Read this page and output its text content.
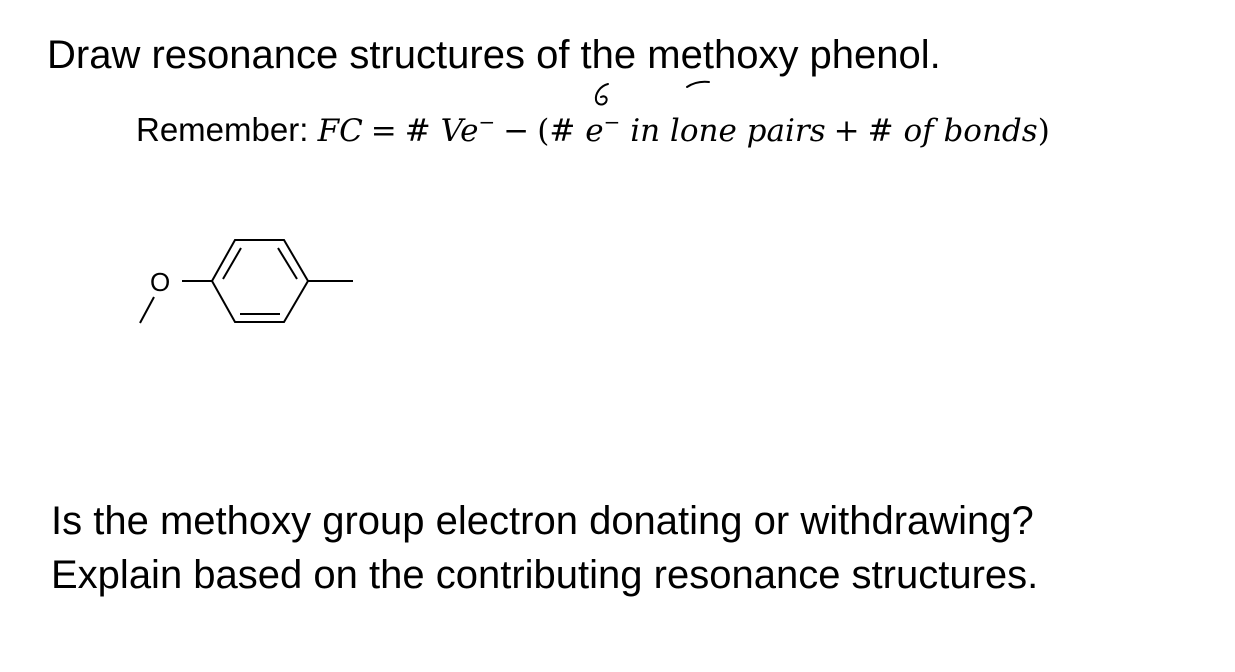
Draw resonance structures of the methoxy phenol.
Remember: FC = # Ve− − (# e− in lone pairs + # of bonds)
O
Is the methoxy group electron donating or withdrawing?
Explain based on the contributing resonance structures.
